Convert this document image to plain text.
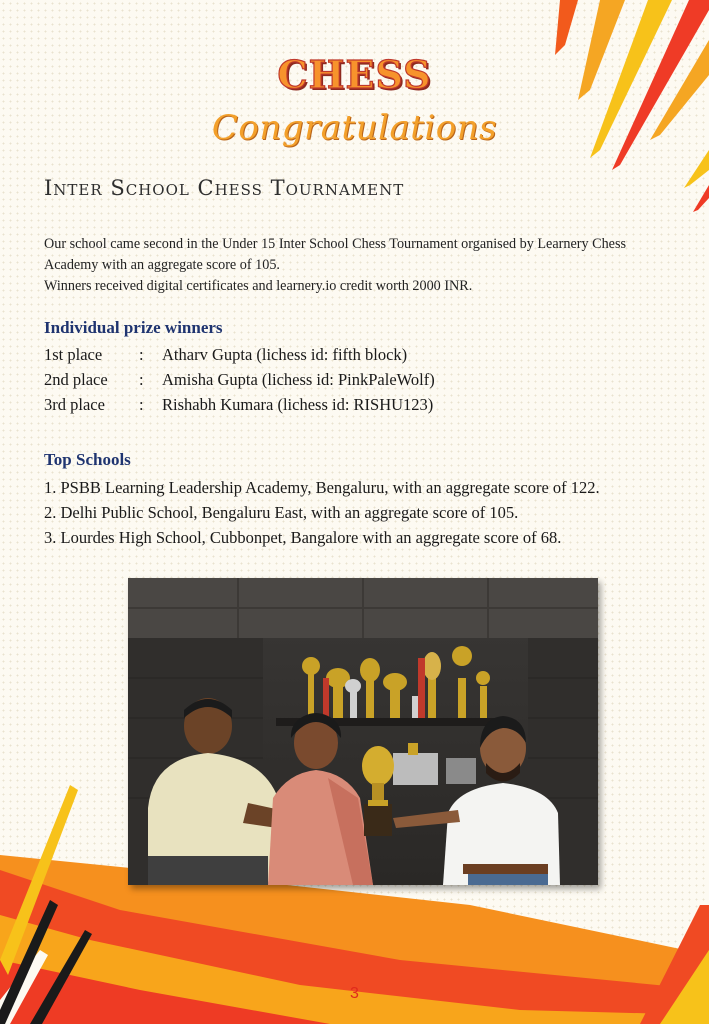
CHESS
Congratulations
Inter School Chess Tournament

Our school came second in the Under 15 Inter School Chess Tournament organised by Learnery Chess Academy with an aggregate score of 105.

Winners received digital certificates and learnery.io credit worth 2000 INR.

Individual prize winners
1st place	:	Atharv Gupta (lichess id: fifth block)
2nd place	:	Amisha Gupta (lichess id: PinkPaleWolf)
3rd place	:	Rishabh Kumara (lichess id: RISHU123)
Top Schools
1. PSBB Learning Leadership Academy, Bengaluru, with an aggregate score of 122.
2. Delhi Public School, Bengaluru East, with an aggregate score of 105.
3. Lourdes High School, Cubbonpet, Bangalore with an aggregate score of 68.
3
